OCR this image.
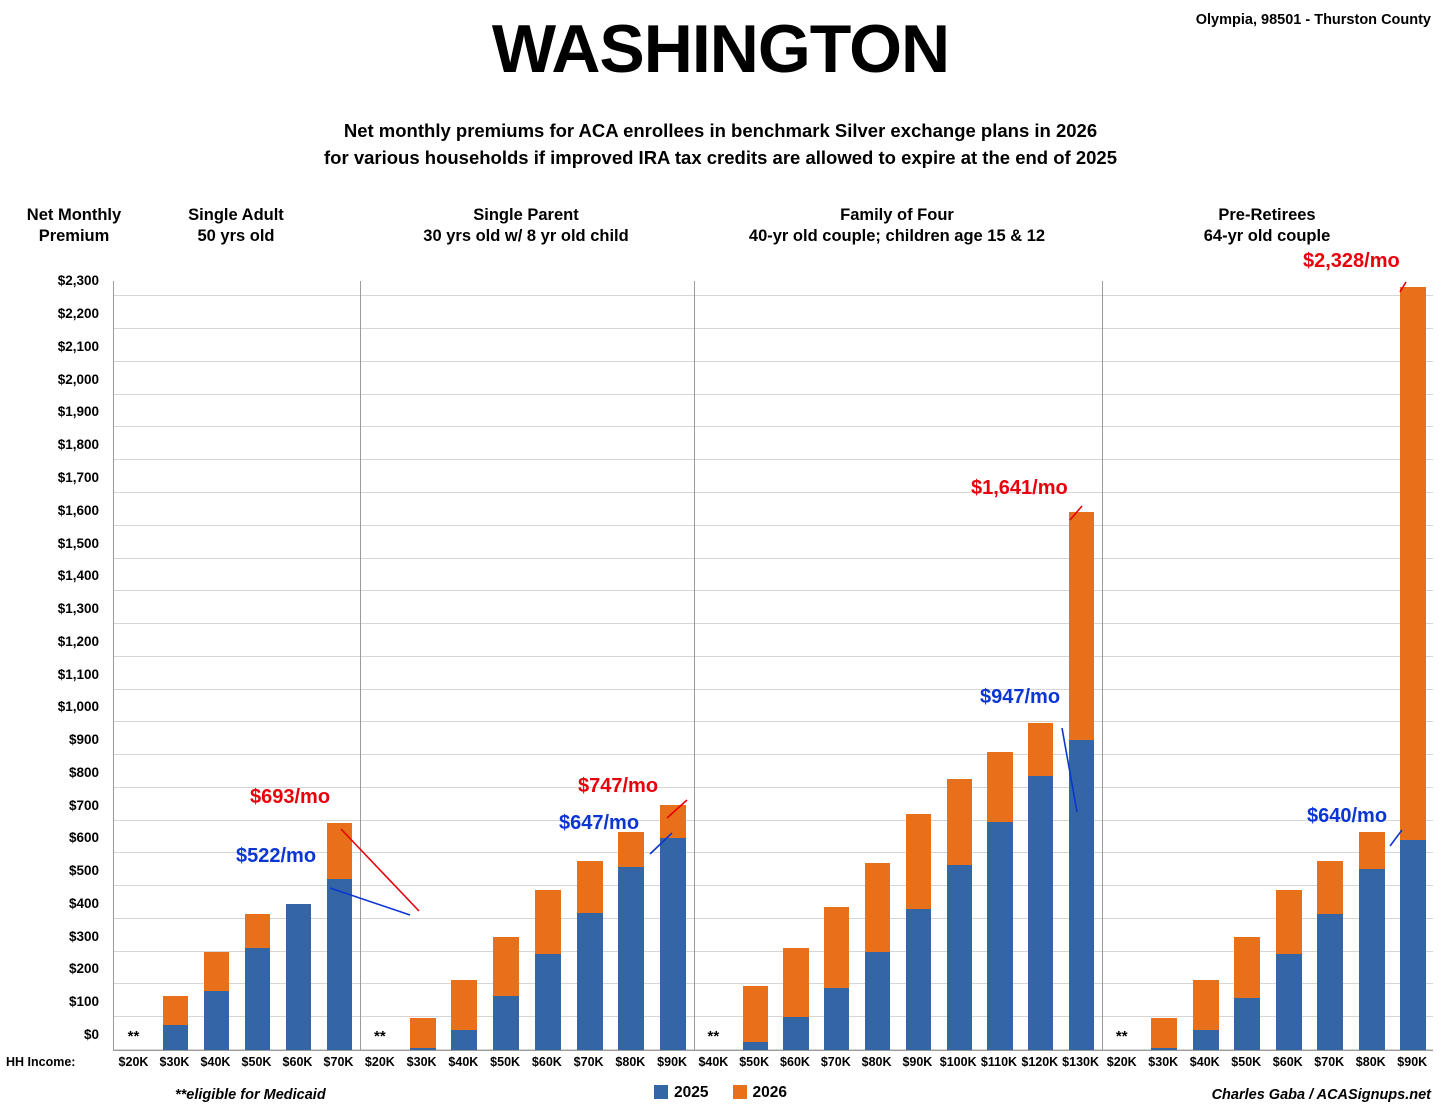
Olympia, 98501 - Thurston County
WASHINGTON
Net monthly premiums for ACA enrollees in benchmark Silver exchange plans in 2026
for various households if improved IRA tax credits are allowed to expire at the end of 2025
Net Monthly
Premium
HH Income:
$0
$100
$200
$300
$400
$500
$600
$700
$800
$900
$1,000
$1,100
$1,200
$1,300
$1,400
$1,500
$1,600
$1,700
$1,800
$1,900
$2,000
$2,100
$2,200
$2,300
**eligible for Medicaid	Charles Gaba / ACASignups.net
2025	2026
Single Adult
50 yrs old
$20K
**
$30K $40K $50K $60K $70K
Single Parent
30 yrs old w/ 8 yr old child
$20K
**
$30K $40K $50K $60K $70K $80K $90K
Family of Four
40-yr old couple; children age 15 & 12
$40K
**
$50K $60K $70K $80K $90K $100K $110K $120K $130K
Pre-Retirees
64-yr old couple
$20K
**
$30K $40K $50K $60K $70K $80K $90K
$693/mo
$522/mo
$747/mo
$647/mo
$1,641/mo
$947/mo
$2,328/mo
$640/mo
